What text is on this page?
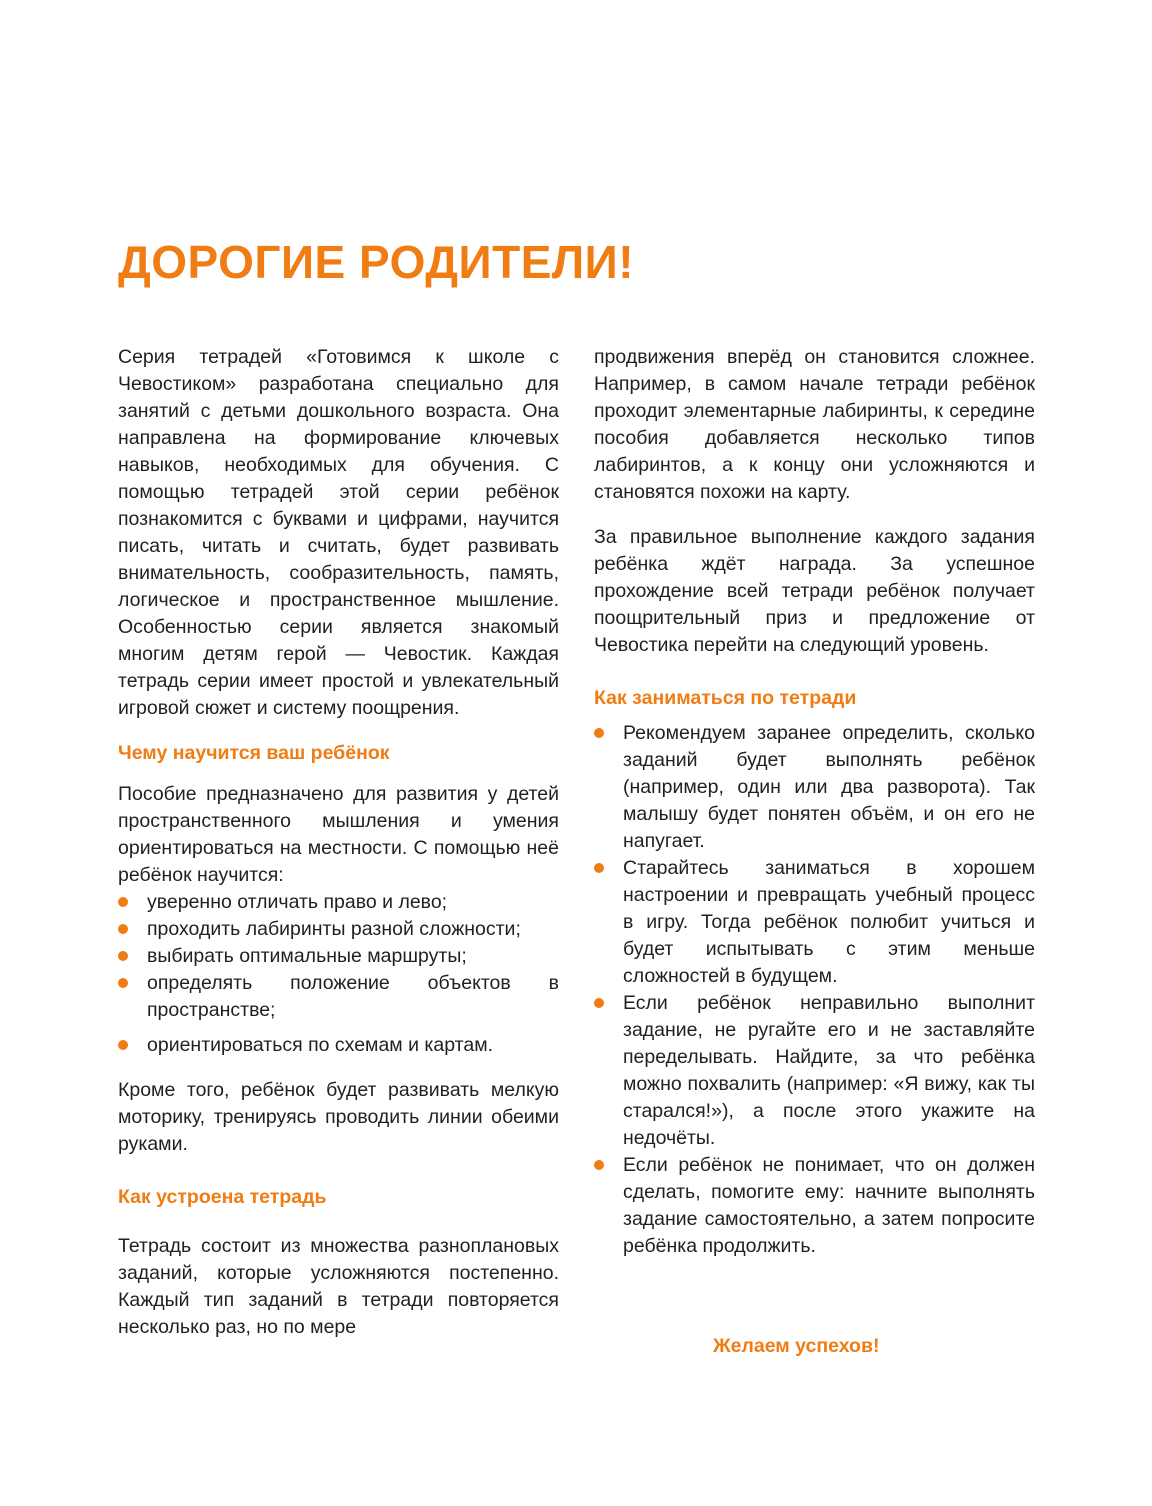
ДОРОГИЕ РОДИТЕЛИ!

Серия тетрадей «Готовимся к школе с Чевостиком» разработана специально для занятий с детьми дошкольного возраста. Она направлена на формирование ключевых навыков, необходимых для обучения. С помощью тетрадей этой серии ребёнок познакомится с буквами и цифрами, научится писать, читать и считать, будет развивать внимательность, сообразительность, память, логическое и пространственное мышление. Особенностью серии является знакомый многим детям герой — Чевостик. Каждая тетрадь серии имеет простой и увлекательный игровой сюжет и систему поощрения.

Чему научится ваш ребёнок

Пособие предназначено для развития у детей пространственного мышления и умения ориентироваться на местности. С помощью неё ребёнок научится:

уверенно отличать право и лево;
проходить лабиринты разной сложности;
выбирать оптимальные маршруты;
определять положение объектов в пространстве;
ориентироваться по схемам и картам.

Кроме того, ребёнок будет развивать мелкую моторику, тренируясь проводить линии обеими руками.

Как устроена тетрадь

Тетрадь состоит из множества разноплановых заданий, которые усложняются постепенно. Каждый тип заданий в тетради повторяется несколько раз, но по мере

продвижения вперёд он становится сложнее. Например, в самом начале тетради ребёнок проходит элементарные лабиринты, к середине пособия добавляется несколько типов лабиринтов, а к концу они усложняются и становятся похожи на карту.

За правильное выполнение каждого задания ребёнка ждёт награда. За успешное прохождение всей тетради ребёнок получает поощрительный приз и предложение от Чевостика перейти на следующий уровень.

Как заниматься по тетради
Рекомендуем заранее определить, сколько заданий будет выполнять ребёнок (например, один или два разворота). Так малышу будет понятен объём, и он его не напугает.
Старайтесь заниматься в хорошем настроении и превращать учебный процесс в игру. Тогда ребёнок полюбит учиться и будет испытывать с этим меньше сложностей в будущем.
Если ребёнок неправильно выполнит задание, не ругайте его и не заставляйте переделывать. Найдите, за что ребёнка можно похвалить (например: «Я вижу, как ты старался!»), а после этого укажите на недочёты.
Если ребёнок не понимает, что он должен сделать, помогите ему: начните выполнять задание самостоятельно, а затем попросите ребёнка продолжить.

Желаем успехов!
